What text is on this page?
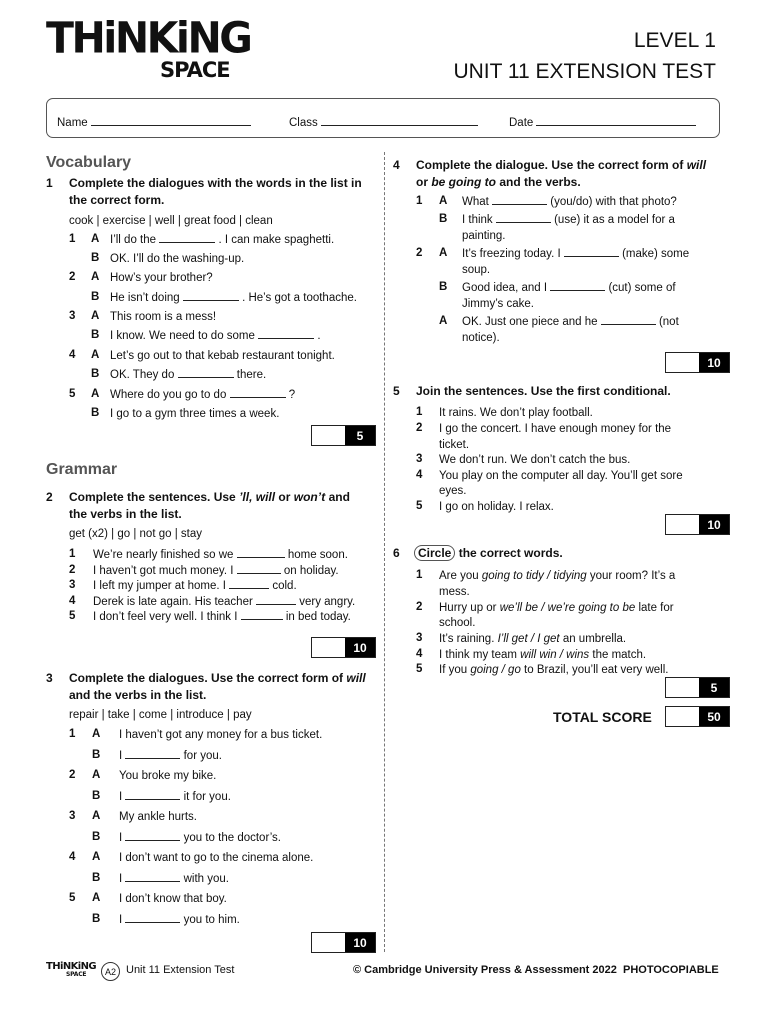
THiNKiNG
SPACE
LEVEL 1
UNIT 11 EXTENSION TEST
Name	Class	Date
Vocabulary
1 Complete the dialogues with the words in the list in the correct form.
cook | exercise | well | great food | clean
1 A I’ll do the	. I can make spaghetti.
B OK. I’ll do the washing-up.
2 A How’s your brother?
B He isn’t doing	. He’s got a toothache.
3 A This room is a mess!
B I know. We need to do some	.
4 A Let’s go out to that kebab restaurant tonight.
B OK. They do	there.
5 A Where do you go to do	?
B I go to a gym three times a week.
5
Grammar
2 Complete the sentences. Use ’ll, will or won’t and the verbs in the list.
get (x2) | go | not go | stay
1 We’re nearly finished so we	home soon.
2 I haven’t got much money. I	on holiday.
3 I left my jumper at home. I	cold.
4 Derek is late again. His teacher	very angry.
5 I don’t feel very well. I think I	in bed today.
10
3 Complete the dialogues. Use the correct form of will and the verbs in the list.
repair | take | come | introduce | pay
1 A I haven’t got any money for a bus ticket.
B I	for you.
2 A You broke my bike.
B I	it for you.
3 A My ankle hurts.
B I	you to the doctor’s.
4 A I don’t want to go to the cinema alone.
B I	with you.
5 A I don’t know that boy.
B I	you to him.
10
4 Complete the dialogue. Use the correct form of will or be going to and the verbs.
1 A What	(you/do) with that photo?
B I think	(use) it as a model for a
painting.
2 A It’s freezing today. I	(make) some
soup.
B Good idea, and I	(cut) some of
Jimmy’s cake.
A OK. Just one piece and he	(not
notice).
10
5 Join the sentences. Use the first conditional.
1 It rains. We don’t play football.
2 I go the concert. I have enough money for the
ticket.
3 We don’t run. We don’t catch the bus.
4 You play on the computer all day. You’ll get sore
eyes.
5 I go on holiday. I relax.
10
6	Circle the correct words.
1 Are you going to tidy / tidying your room? It’s a
mess.
2 Hurry up or we’ll be / we’re going to be late for
school.
3 It’s raining. I’ll get / I get an umbrella.
4 I think my team will win / wins the match.
5 If you going / go to Brazil, you’ll eat very well.
5
TOTAL SCORE	50
THiNKiNG
SPACE	A2 Unit 11 Extension Test	© Cambridge University Press & Assessment 2022 PHOTOCOPIABLE
